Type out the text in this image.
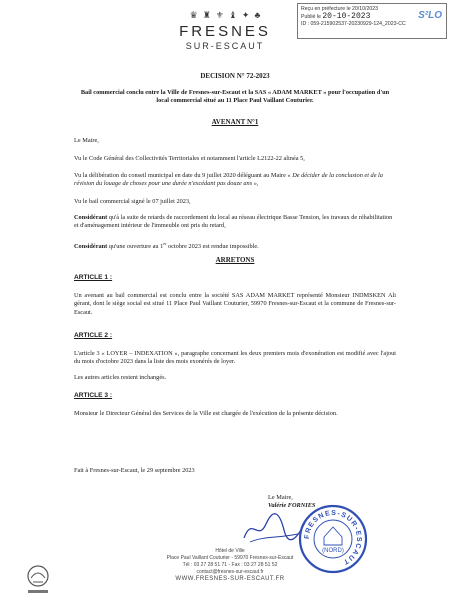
Reçu en préfecture le 20/10/2023
Publié le 20-10-2023
ID : 059-215902537-20230929-124_2023-CC
S²LO
♛ ♜ ⚜ ♝ ✦ ♣
FRESNES
SUR-ESCAUT
DECISION N° 72-2023
Bail commercial conclu entre la Ville de Fresnes-sur-Escaut et la SAS « ADAM MARKET » pour l'occupation d'un local commercial situé au 11 Place Paul Vaillant Couturier.
AVENANT N°1
Le Maire,
Vu le Code Général des Collectivités Territoriales et notamment l'article L2122-22 alinéa 5,
Vu la délibération du conseil municipal en date du 9 juillet 2020 déléguant au Maire « De décider de la conclusion et de la révision du louage de choses pour une durée n'excédant pas douze ans »,
Vu le bail commercial signé le 07 juillet 2023,
Considérant qu'à la suite de retards de raccordement du local au réseau électrique Basse Tension, les travaux de réhabilitation et d'aménagement intérieur de l'immeuble ont pris du retard,
Considérant qu'une ouverture au 1er octobre 2023 est rendue impossible.
ARRETONS
ARTICLE 1 :
Un avenant au bail commercial est conclu entre la société SAS ADAM MARKET représenté Monsieur INDMSKEN Ali gérant, dont le siège social est situé 11 Place Paul Vaillant Couturier, 59970 Fresnes-sur-Escaut et la commune de Fresnes-sur-Escaut.
ARTICLE 2 :
L'article 3 « LOYER – INDEXATION », paragraphe concernant les deux premiers mois d'exonération est modifié avec l'ajout du mois d'octobre 2023 dans la liste des mois exonérés de loyer.
Les autres articles restent inchangés.
ARTICLE 3 :
Monsieur le Directeur Général des Services de la Ville est chargée de l'exécution de la présente décision.
Fait à Fresnes-sur-Escaut, le 29 septembre 2023
Le Maire,
Valérie FORNIES
FRESNES-SUR-ESCAUT
(NORD)
Hôtel de Ville
Place Paul Vaillant Couturier - 59970 Fresnes-sur-Escaut
Tél : 03 27 28 51 71 - Fax : 03 27 28 51 52
contact@fresnes-sur-escaut.fr
WWW.FRESNES-SUR-ESCAUT.FR
